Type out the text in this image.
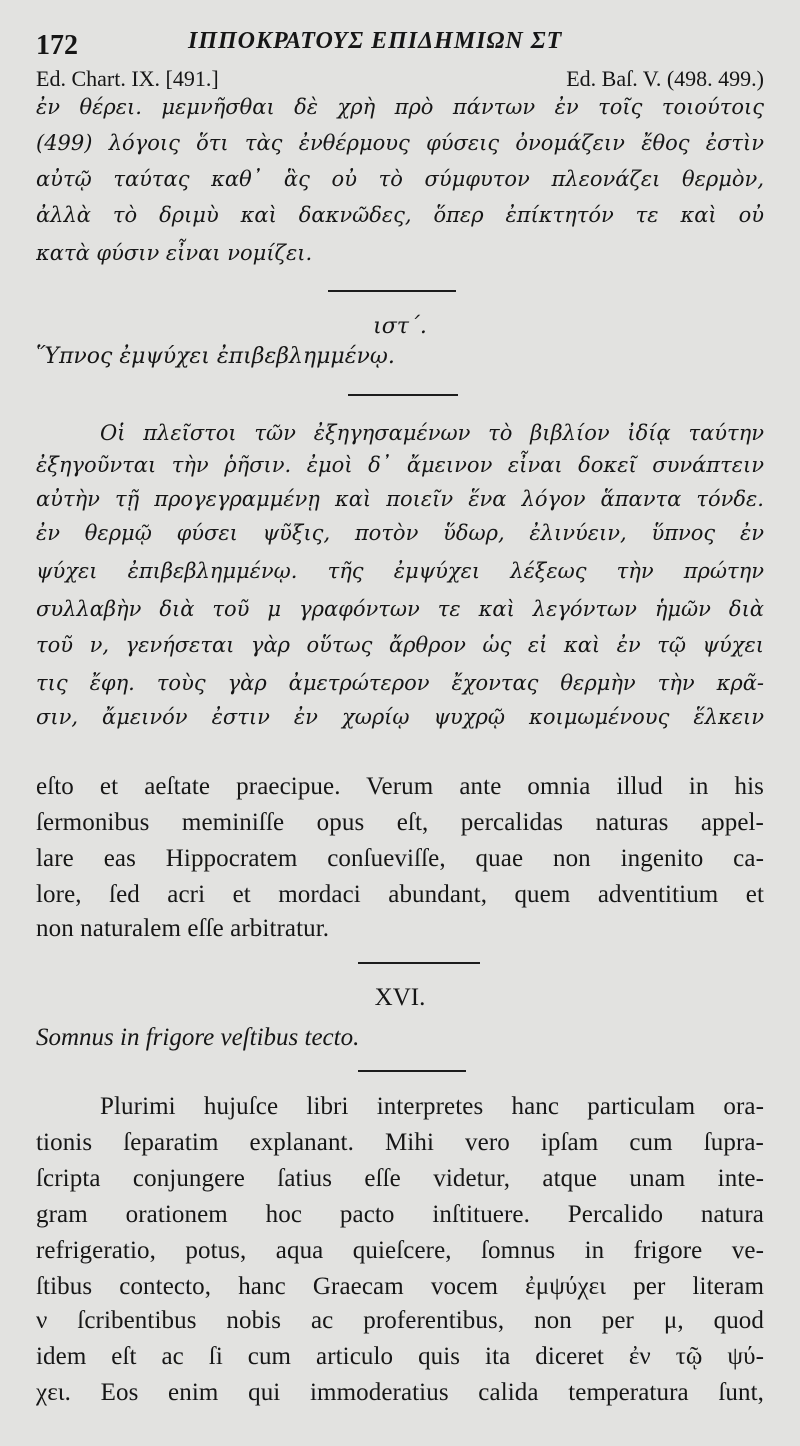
172	ΙΠΠΟΚΡΑΤΟΥΣ ΕΠΙΔΗΜΙΩΝ ΣΤ
Ed. Chart. IX. [491.]	Ed. Baſ. V. (498. 499.)
ἐν θέρει. μεμνῆσθαι δὲ χρὴ πρὸ πάντων ἐν τοῖς τοιούτοις
(499) λόγοις ὅτι τὰς ἐνθέρμους φύσεις ὀνομάζειν ἔθος ἐστὶν
αὐτῷ ταύτας καθ᾽ ἃς οὐ τὸ σύμφυτον πλεονάζει θερμὸν,
ἀλλὰ τὸ δριμὺ καὶ δακνῶδες, ὅπερ ἐπίκτητόν τε καὶ οὐ
κατὰ φύσιν εἶναι νομίζει.
ιστ΄.
Ὕπνος ἐμψύχει ἐπιβεβλημμένῳ.
Οἱ πλεῖστοι τῶν ἐξηγησαμένων τὸ βιβλίον ἰδίᾳ ταύτην
ἐξηγοῦνται τὴν ῥῆσιν. ἐμοὶ δ᾽ ἄμεινον εἶναι δοκεῖ συνάπτειν
αὐτὴν τῇ προγεγραμμένῃ καὶ ποιεῖν ἕνα λόγον ἅπαντα τόνδε.
ἐν θερμῷ φύσει ψῦξις, ποτὸν ὕδωρ, ἐλινύειν, ὕπνος ἐν
ψύχει ἐπιβεβλημμένῳ. τῆς ἐμψύχει λέξεως τὴν πρώτην
συλλαβὴν διὰ τοῦ μ γραφόντων τε καὶ λεγόντων ἡμῶν διὰ
τοῦ ν, γενήσεται γὰρ οὕτως ἄρθρον ὡς εἰ καὶ ἐν τῷ ψύχει
τις ἔφη. τοὺς γὰρ ἀμετρώτερον ἔχοντας θερμὴν τὴν κρᾶ-
σιν, ἄμεινόν ἐστιν ἐν χωρίῳ ψυχρῷ κοιμωμένους ἕλκειν
eſto et aeſtate praecipue. Verum ante omnia illud in his
ſermonibus meminiſſe opus eſt, percalidas naturas appel-
lare eas Hippocratem conſueviſſe, quae non ingenito ca-
lore, ſed acri et mordaci abundant, quem adventitium et
non naturalem eſſe arbitratur.
XVI.
Somnus in frigore veſtibus tecto.
Plurimi hujuſce libri interpretes hanc particulam ora-
tionis ſeparatim explanant. Mihi vero ipſam cum ſupra-
ſcripta conjungere ſatius eſſe videtur, atque unam inte-
gram orationem hoc pacto inſtituere. Percalido natura
refrigeratio, potus, aqua quieſcere, ſomnus in frigore ve-
ſtibus contecto, hanc Graecam vocem ἐμψύχει per literam
ν ſcribentibus nobis ac proferentibus, non per μ, quod
idem eſt ac ſi cum articulo quis ita diceret ἐν τῷ ψύ-
χει. Eos enim qui immoderatius calida temperatura ſunt,
